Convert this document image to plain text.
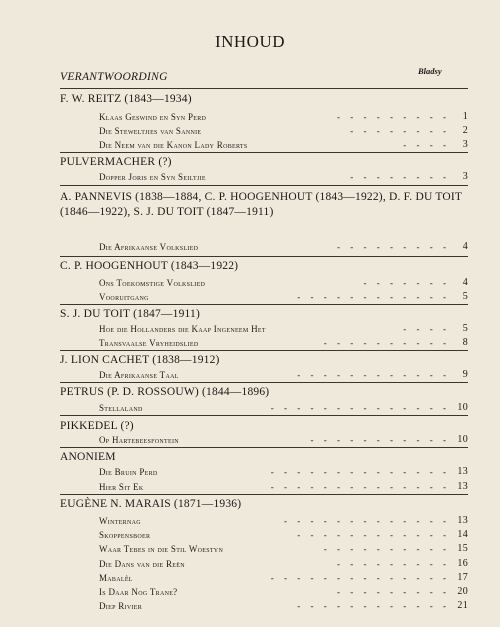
INHOUD
Bladsy
VERANTWOORDING
F. W. REITZ (1843—1934)
Klaas Geswind en Syn Perd	- - - - - - - - -	1
Die Steweltjies van Sannie	- - - - - - - -	2
Die Neem van die Kanon Lady Roberts	- - - -	3
PULVERMACHER (?)
Dopper Joris en Syn Seiltjie	- - - - - - - -	3
A. PANNEVIS (1838—1884, C. P. HOOGENHOUT (1843—1922), D. F. DU TOIT (1846—1922), S. J. DU TOIT (1847—1911)
Die Afrikaanse Volkslied	- - - - - - - - -	4
C. P. HOOGENHOUT (1843—1922)
Ons Toekomstige Volkslied	- - - - - - -	4
Vooruitgang	- - - - - - - - - - - -	5
S. J. DU TOIT (1847—1911)
Hoe die Hollanders die Kaap Ingeneem Het	- - - -	5
Transvaalse Vryheidslied	- - - - - - - - - -	8
J. LION CACHET (1838—1912)
Die Afrikaanse Taal	- - - - - - - - - - - -	9
PETRUS (P. D. ROSSOUW) (1844—1896)
Stellaland	- - - - - - - - - - - - - -	10
PIKKEDEL (?)
Op Hartebeesfontein	- - - - - - - - - - -	10
ANONIEM
Die Bruin Perd	- - - - - - - - - - - - - -	13
Hier Sit Ek	- - - - - - - - - - - - - -	13
EUGÈNE N. MARAIS (1871—1936)
Winternag	- - - - - - - - - - - - -	13
Skoppensboer	- - - - - - - - - - - -	14
Waar Tebes in die Stil Woestyn	- - - - - - - - - -	15
Die Dans van die Reën	- - - - - - - - -	16
Mabalêl	- - - - - - - - - - - - - -	17
Is Daar Nog Trane?	- - - - - - - - -	20
Diep Rivier	- - - - - - - - - - - -	21
